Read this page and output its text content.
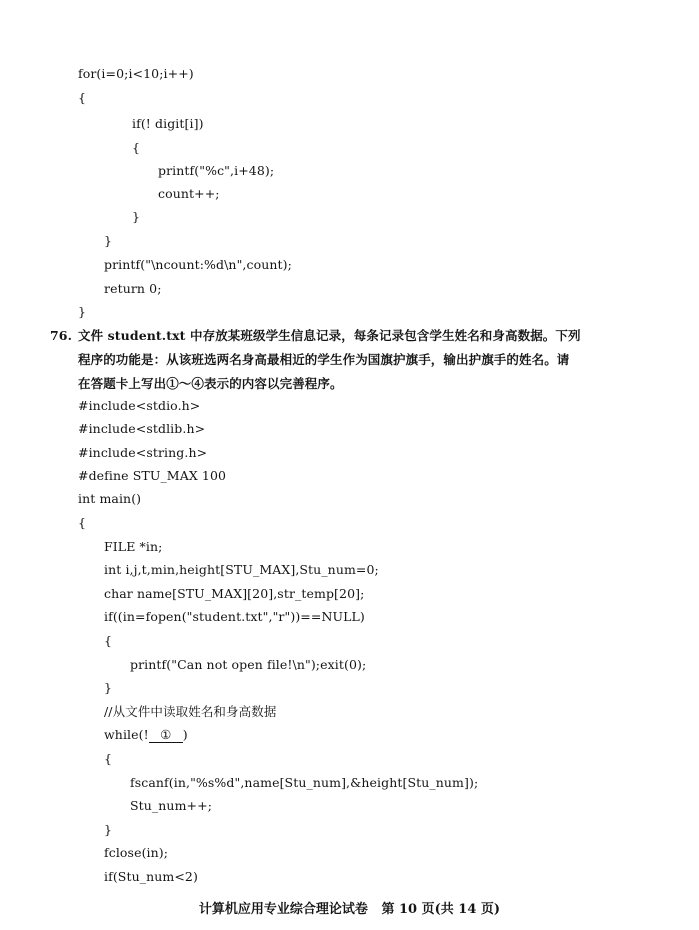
for(i=0;i<10;i++)
{
if(! digit[i])
{
printf("%c",i+48);
count++;
}
}
printf("\ncount:%d\n",count);
return 0;
}
76. 文件 student.txt 中存放某班级学生信息记录，每条记录包含学生姓名和身高数据。下列
程序的功能是：从该班选两名身高最相近的学生作为国旗护旗手，输出护旗手的姓名。请
在答题卡上写出①～④表示的内容以完善程序。
#include<stdio.h>
#include<stdlib.h>
#include<string.h>
#define STU_MAX 100
int main()
{
FILE *in;
int i,j,t,min,height[STU_MAX],Stu_num=0;
char name[STU_MAX][20],str_temp[20];
if((in=fopen("student.txt","r"))==NULL)
{
printf("Can not open file!\n");exit(0);
}
//从文件中读取姓名和身高数据
while(! ① )
{
fscanf(in,"%s%d",name[Stu_num],&height[Stu_num]);
Stu_num++;
}
fclose(in);
if(Stu_num<2)
计算机应用专业综合理论试卷   第 10 页(共 14 页)
